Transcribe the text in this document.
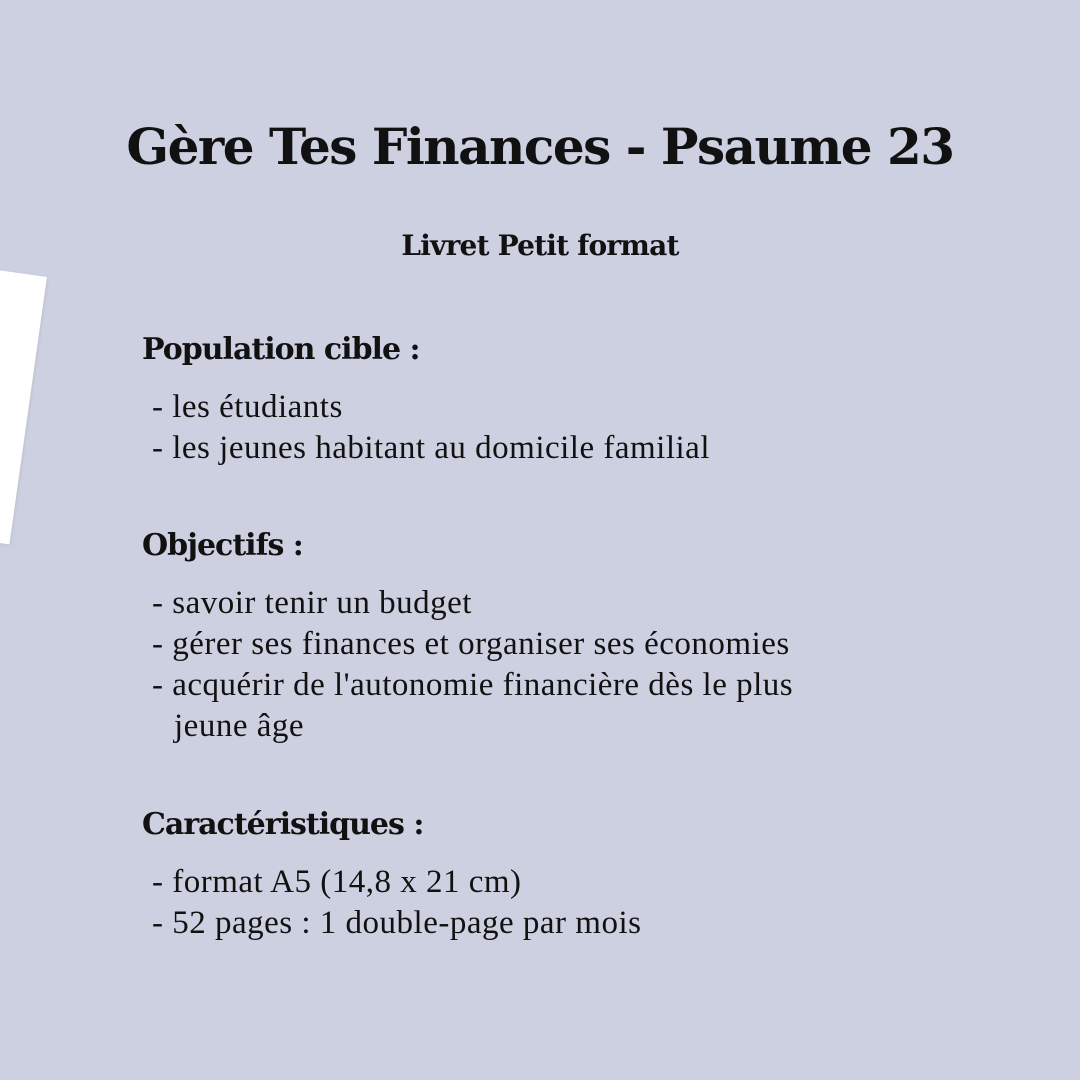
Gère Tes Finances - Psaume 23
Livret Petit format
Population cible :
- les étudiants
- les jeunes habitant au domicile familial
Objectifs :
- savoir tenir un budget
- gérer ses finances et organiser ses économies
- acquérir de l'autonomie financière dès le plus jeune âge
Caractéristiques :
- format A5 (14,8 x 21 cm)
- 52 pages : 1 double-page par mois
